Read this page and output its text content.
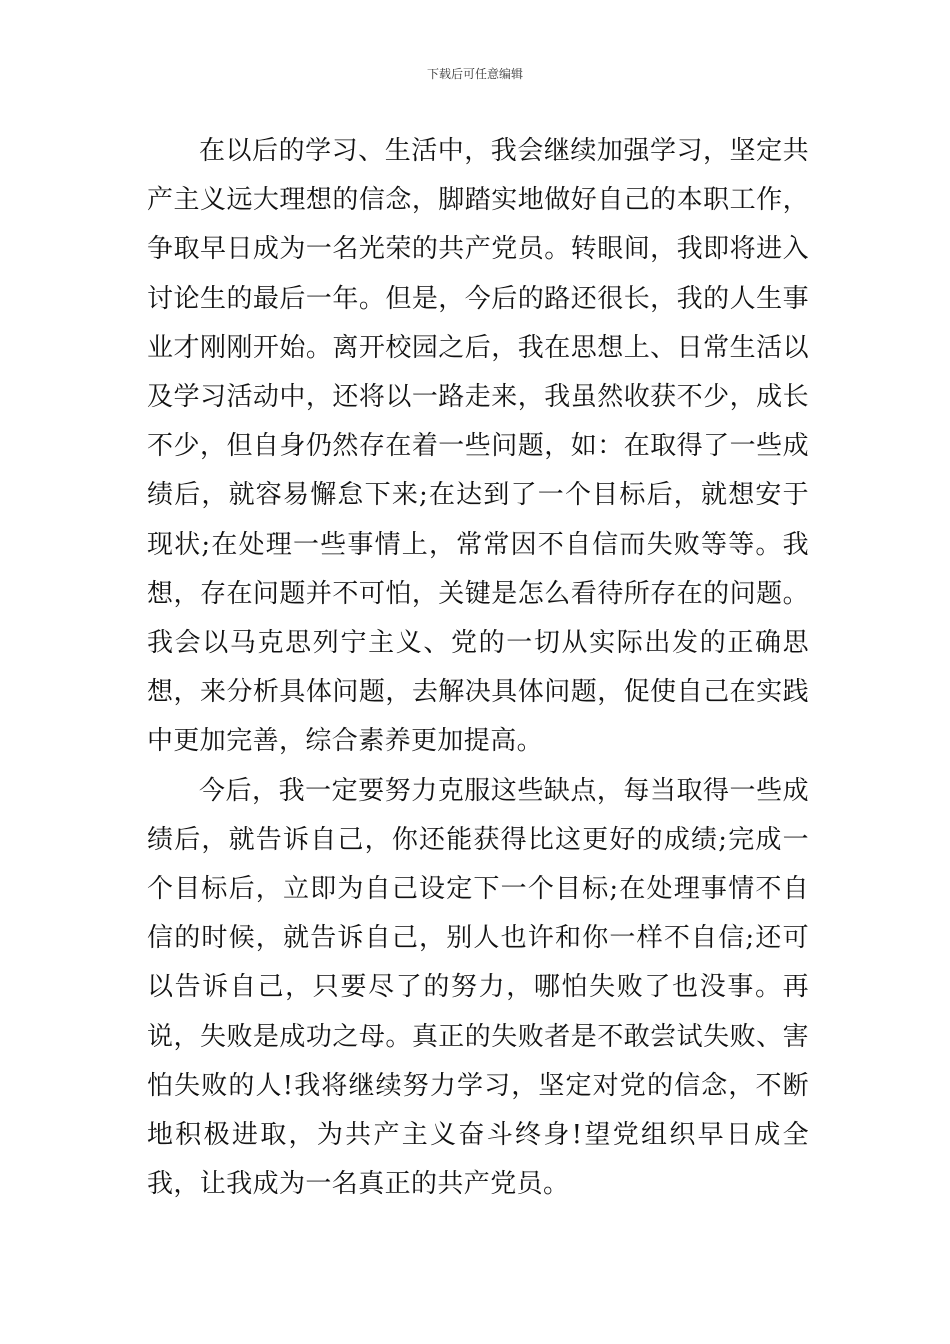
下载后可任意编辑

在以后的学习、生活中，我会继续加强学习，坚定共产主义远大理想的信念，脚踏实地做好自己的本职工作，争取早日成为一名光荣的共产党员。转眼间，我即将进入讨论生的最后一年。但是，今后的路还很长，我的人生事业才刚刚开始。离开校园之后，我在思想上、日常生活以及学习活动中，还将以一路走来，我虽然收获不少，成长不少，但自身仍然存在着一些问题，如：在取得了一些成绩后，就容易懈怠下来;在达到了一个目标后，就想安于现状;在处理一些事情上，常常因不自信而失败等等。我想，存在问题并不可怕，关键是怎么看待所存在的问题。我会以马克思列宁主义、党的一切从实际出发的正确思想，来分析具体问题，去解决具体问题，促使自己在实践中更加完善，综合素养更加提高。

今后，我一定要努力克服这些缺点，每当取得一些成绩后，就告诉自己，你还能获得比这更好的成绩;完成一个目标后，立即为自己设定下一个目标;在处理事情不自信的时候，就告诉自己，别人也许和你一样不自信;还可以告诉自己，只要尽了的努力，哪怕失败了也没事。再说，失败是成功之母。真正的失败者是不敢尝试失败、害怕失败的人!我将继续努力学习，坚定对党的信念，不断地积极进取，为共产主义奋斗终身!望党组织早日成全我，让我成为一名真正的共产党员。
